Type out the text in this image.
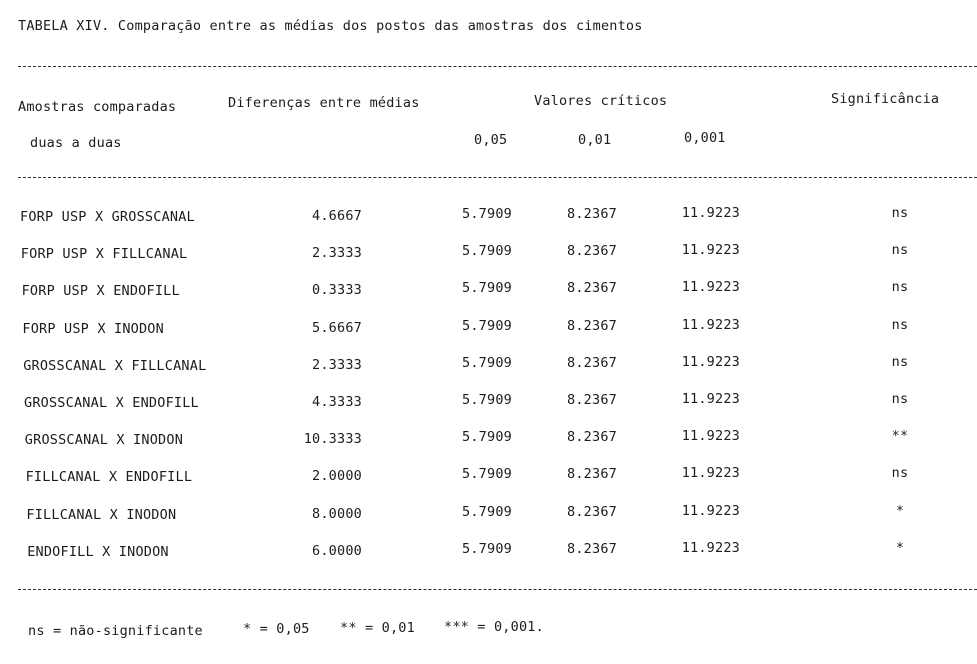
TABELA XIV. Comparação entre as médias dos postos das amostras dos cimentos
Amostras comparadas
duas a duas
Diferenças entre médias	Valores críticos	Significância
0,05	0,01	0,001
FORP USP X GROSSCANAL	4.6667	5.7909	8.2367	11.9223	ns
FORP USP X FILLCANAL	2.3333	5.7909	8.2367	11.9223	ns
FORP USP X ENDOFILL	0.3333	5.7909	8.2367	11.9223	ns
FORP USP X INODON	5.6667	5.7909	8.2367	11.9223	ns
GROSSCANAL X FILLCANAL	2.3333	5.7909	8.2367	11.9223	ns
GROSSCANAL X ENDOFILL	4.3333	5.7909	8.2367	11.9223	ns
GROSSCANAL X INODON	10.3333	5.7909	8.2367	11.9223	**
FILLCANAL X ENDOFILL	2.0000	5.7909	8.2367	11.9223	ns
FILLCANAL X INODON	8.0000	5.7909	8.2367	11.9223	*
ENDOFILL X INODON	6.0000	5.7909	8.2367	11.9223	*
ns = não-significante	* = 0,05 ** = 0,01 *** = 0,001.
